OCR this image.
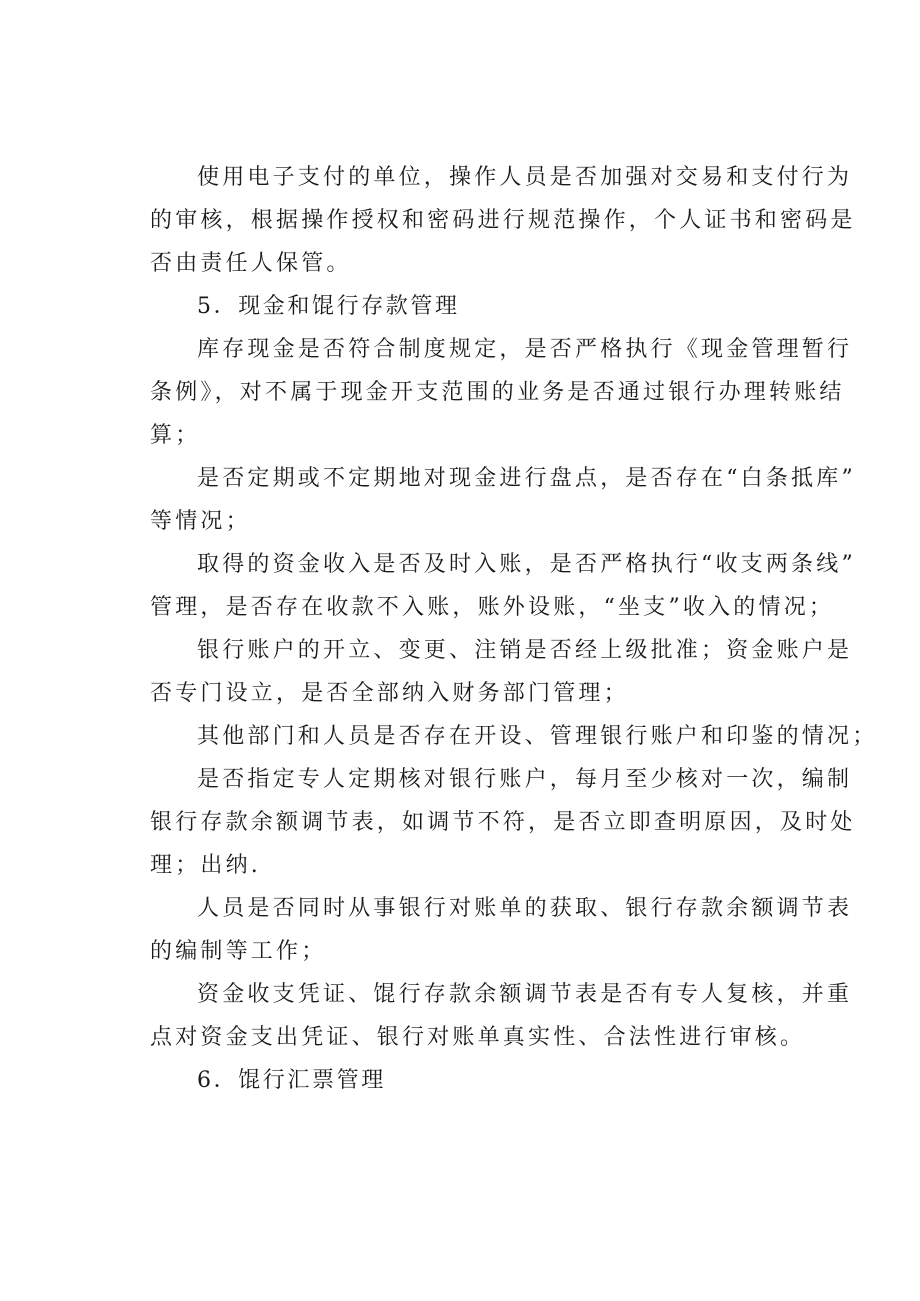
使用电子支付的单位，操作人员是否加强对交易和支付行为
的审核，根据操作授权和密码进行规范操作，个人证书和密码是
否由责任人保管。
5．现金和馄行存款管理
库存现金是否符合制度规定，是否严格执行《现金管理暂行
条例》，对不属于现金开支范围的业务是否通过银行办理转账结
算；
是否定期或不定期地对现金进行盘点，是否存在“白条抵库”
等情况；
取得的资金收入是否及时入账，是否严格执行“收支两条线”
管理，是否存在收款不入账，账外设账，“坐支”收入的情况；
银行账户的开立、变更、注销是否经上级批准；资金账户是
否专门设立，是否全部纳入财务部门管理；
其他部门和人员是否存在开设、管理银行账户和印鉴的情况；
是否指定专人定期核对银行账户，每月至少核对一次，编制
银行存款余额调节表，如调节不符，是否立即查明原因，及时处
理；出纳.
人员是否同时从事银行对账单的获取、银行存款余额调节表
的编制等工作；
资金收支凭证、馄行存款余额调节表是否有专人复核，并重
点对资金支出凭证、银行对账单真实性、合法性进行审核。
6．馄行汇票管理
